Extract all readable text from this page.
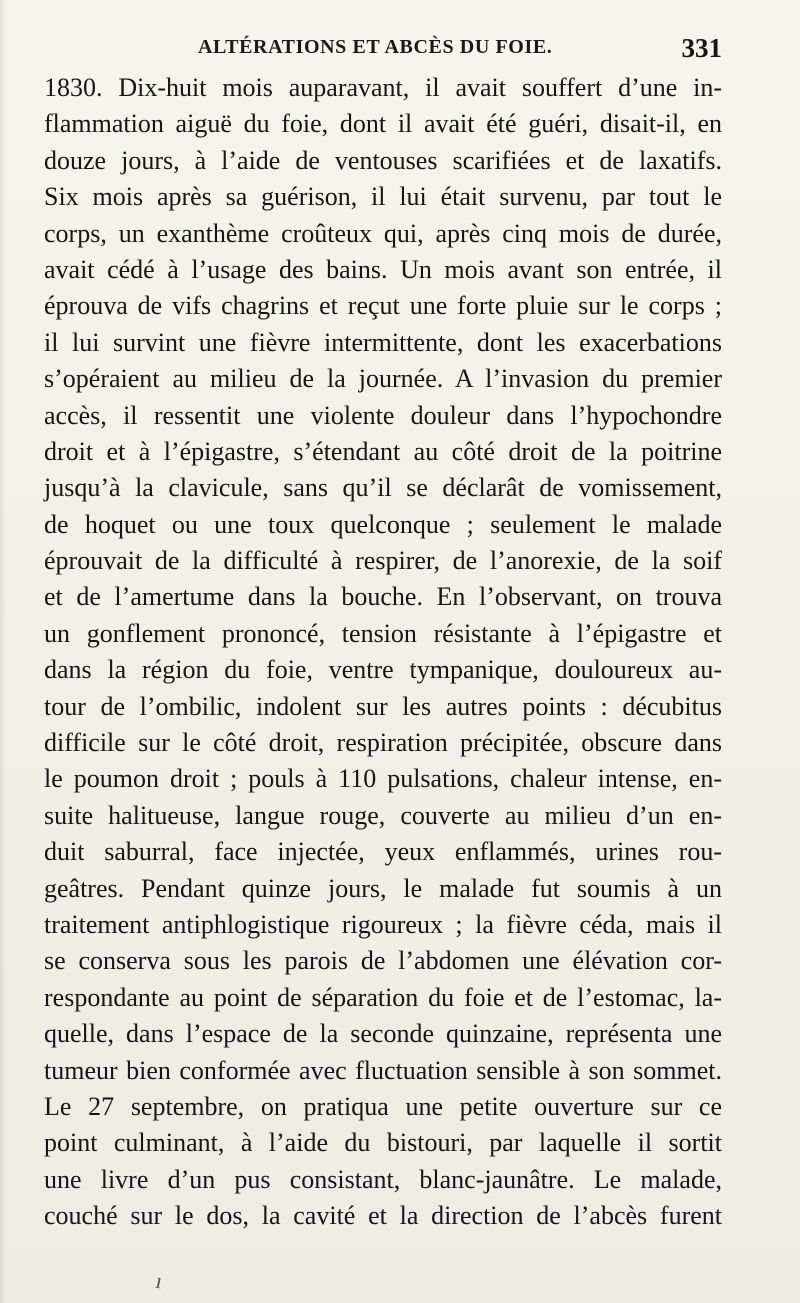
ALTÉRATIONS ET ABCÈS DU FOIE.	331
1830. Dix-huit mois auparavant, il avait souffert d’une in-
flammation aiguë du foie, dont il avait été guéri, disait-il, en
douze jours, à l’aide de ventouses scarifiées et de laxatifs.
Six mois après sa guérison, il lui était survenu, par tout le
corps, un exanthème croûteux qui, après cinq mois de durée,
avait cédé à l’usage des bains. Un mois avant son entrée, il
éprouva de vifs chagrins et reçut une forte pluie sur le corps ;
il lui survint une fièvre intermittente, dont les exacerbations
s’opéraient au milieu de la journée. A l’invasion du premier
accès, il ressentit une violente douleur dans l’hypochondre
droit et à l’épigastre, s’étendant au côté droit de la poitrine
jusqu’à la clavicule, sans qu’il se déclarât de vomissement,
de hoquet ou une toux quelconque ; seulement le malade
éprouvait de la difficulté à respirer, de l’anorexie, de la soif
et de l’amertume dans la bouche. En l’observant, on trouva
un gonflement prononcé, tension résistante à l’épigastre et
dans la région du foie, ventre tympanique, douloureux au-
tour de l’ombilic, indolent sur les autres points : décubitus
difficile sur le côté droit, respiration précipitée, obscure dans
le poumon droit ; pouls à 110 pulsations, chaleur intense, en-
suite halitueuse, langue rouge, couverte au milieu d’un en-
duit saburral, face injectée, yeux enflammés, urines rou-
geâtres. Pendant quinze jours, le malade fut soumis à un
traitement antiphlogistique rigoureux ; la fièvre céda, mais il
se conserva sous les parois de l’abdomen une élévation cor-
respondante au point de séparation du foie et de l’estomac, la-
quelle, dans l’espace de la seconde quinzaine, représenta une
tumeur bien conformée avec fluctuation sensible à son sommet.
Le 27 septembre, on pratiqua une petite ouverture sur ce
point culminant, à l’aide du bistouri, par laquelle il sortit
une livre d’un pus consistant, blanc-jaunâtre. Le malade,
couché sur le dos, la cavité et la direction de l’abcès furent
ı
